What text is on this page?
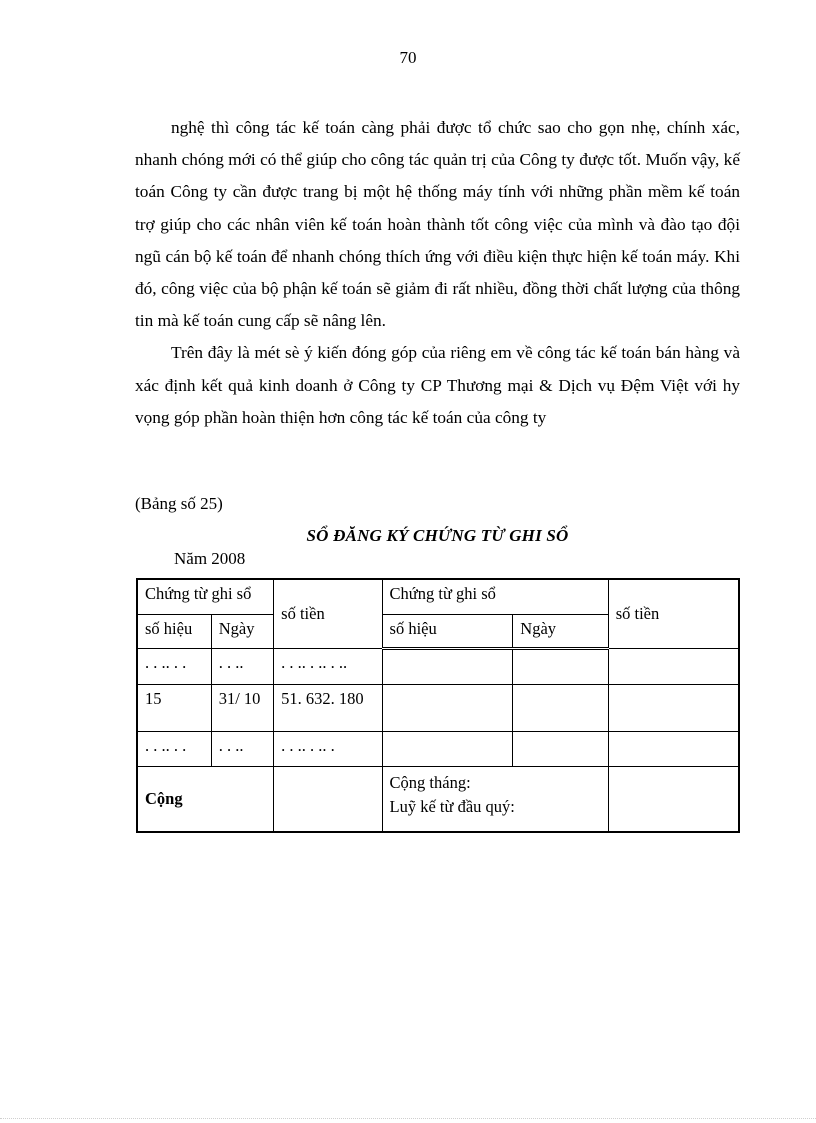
70

nghệ thì công tác kế toán càng phải được tổ chức sao cho gọn nhẹ, chính xác, nhanh chóng mới có thể giúp cho công tác quản trị của Công ty được tốt. Muốn vậy, kế toán Công ty cần được trang bị một hệ thống máy tính với những phần mềm kế toán trợ giúp cho các nhân viên kế toán hoàn thành tốt công việc của mình và đào tạo đội ngũ cán bộ kế toán để nhanh chóng thích ứng với điều kiện thực hiện kế toán máy. Khi đó, công việc của bộ phận kế toán sẽ giảm đi rất nhiều, đồng thời chất lượng của thông tin mà kế toán cung cấp sẽ nâng lên.

Trên đây là mét sè ý kiến đóng góp của riêng em về công tác kế toán bán hàng và xác định kết quả kinh doanh ở Công ty CP Thương mại & Dịch vụ Đệm Việt với hy vọng góp phần hoàn thiện hơn công tác kế toán của công ty

(Bảng số 25)
SỔ ĐĂNG KÝ CHỨNG TỪ GHI SỔ
Năm 2008
Chứng từ ghi sổ		số tiền	Chứng từ ghi sổ		số tiền
số hiệu	Ngày		số hiệu	Ngày	
. . .. . .	. . ..	. . .. . .. . ..			
15	31/ 10	51. 632. 180			
. . .. . .	. . ..	. . .. . .. .			
Cộng			Cộng tháng:
Luỹ kế từ đầu quý:		
